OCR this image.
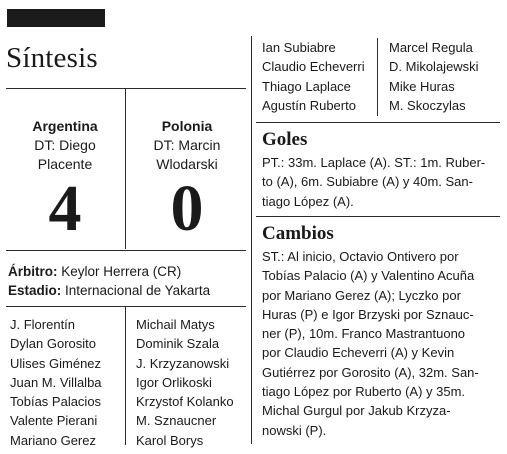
Síntesis
Argentina
DT: Diego
Placente
Polonia
DT: Marcin
Wlodarski
4	0
Árbitro: Keylor Herrera (CR)
Estadio: Internacional de Yakarta
J. Florentín
Dylan Gorosito
Ulises Giménez
Juan M. Villalba
Tobías Palacios
Valente Pierani
Mariano Gerez
Michail Matys
Dominik Szala
J. Krzyzanowski
Igor Orlikoski
Krzystof Kolanko
M. Sznaucner
Karol Borys
Ian Subiabre
Claudio Echeverri
Thiago Laplace
Agustín Ruberto
Marcel Regula
D. Mikolajewski
Mike Huras
M. Skoczylas
Goles
PT.: 33m. Laplace (A). ST.: 1m. Ruber-
to (A), 6m. Subiabre (A) y 40m. San-
tiago López (A).
Cambios
ST.: Al inicio, Octavio Ontivero por
Tobías Palacio (A) y Valentino Acuña
por Mariano Gerez (A); Lyczko por
Huras (P) e Igor Brzyski por Sznauc-
ner (P), 10m. Franco Mastrantuono
por Claudio Echeverri (A) y Kevin
Gutiérrez por Gorosito (A), 32m. San-
tiago López por Ruberto (A) y 35m.
Michal Gurgul por Jakub Krzyza-
nowski (P).
